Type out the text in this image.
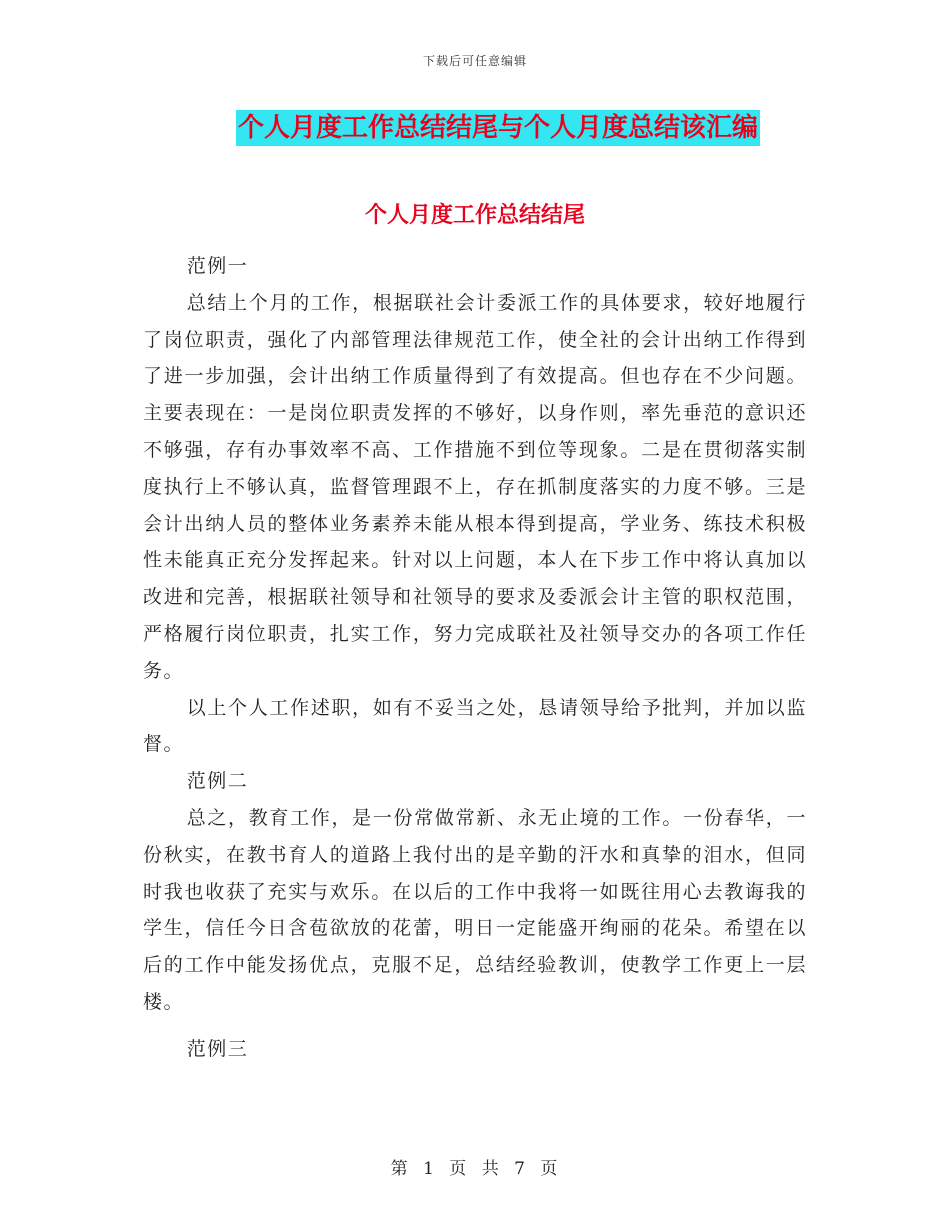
下载后可任意编辑
个人月度工作总结结尾与个人月度总结该汇编
个人月度工作总结结尾

范例一

总结上个月的工作，根据联社会计委派工作的具体要求，较好地履行了岗位职责，强化了内部管理法律规范工作，使全社的会计出纳工作得到了进一步加强，会计出纳工作质量得到了有效提高。但也存在不少问题。主要表现在：一是岗位职责发挥的不够好，以身作则，率先垂范的意识还不够强，存有办事效率不高、工作措施不到位等现象。二是在贯彻落实制度执行上不够认真，监督管理跟不上，存在抓制度落实的力度不够。三是会计出纳人员的整体业务素养未能从根本得到提高，学业务、练技术积极性未能真正充分发挥起来。针对以上问题，本人在下步工作中将认真加以改进和完善，根据联社领导和社领导的要求及委派会计主管的职权范围，严格履行岗位职责，扎实工作，努力完成联社及社领导交办的各项工作任务。

以上个人工作述职，如有不妥当之处，恳请领导给予批判，并加以监督。

范例二

总之，教育工作，是一份常做常新、永无止境的工作。一份春华，一份秋实，在教书育人的道路上我付出的是辛勤的汗水和真挚的泪水，但同时我也收获了充实与欢乐。在以后的工作中我将一如既往用心去教诲我的学生，信任今日含苞欲放的花蕾，明日一定能盛开绚丽的花朵。希望在以后的工作中能发扬优点，克服不足，总结经验教训，使教学工作更上一层楼。

范例三

第 1 页 共 7 页
